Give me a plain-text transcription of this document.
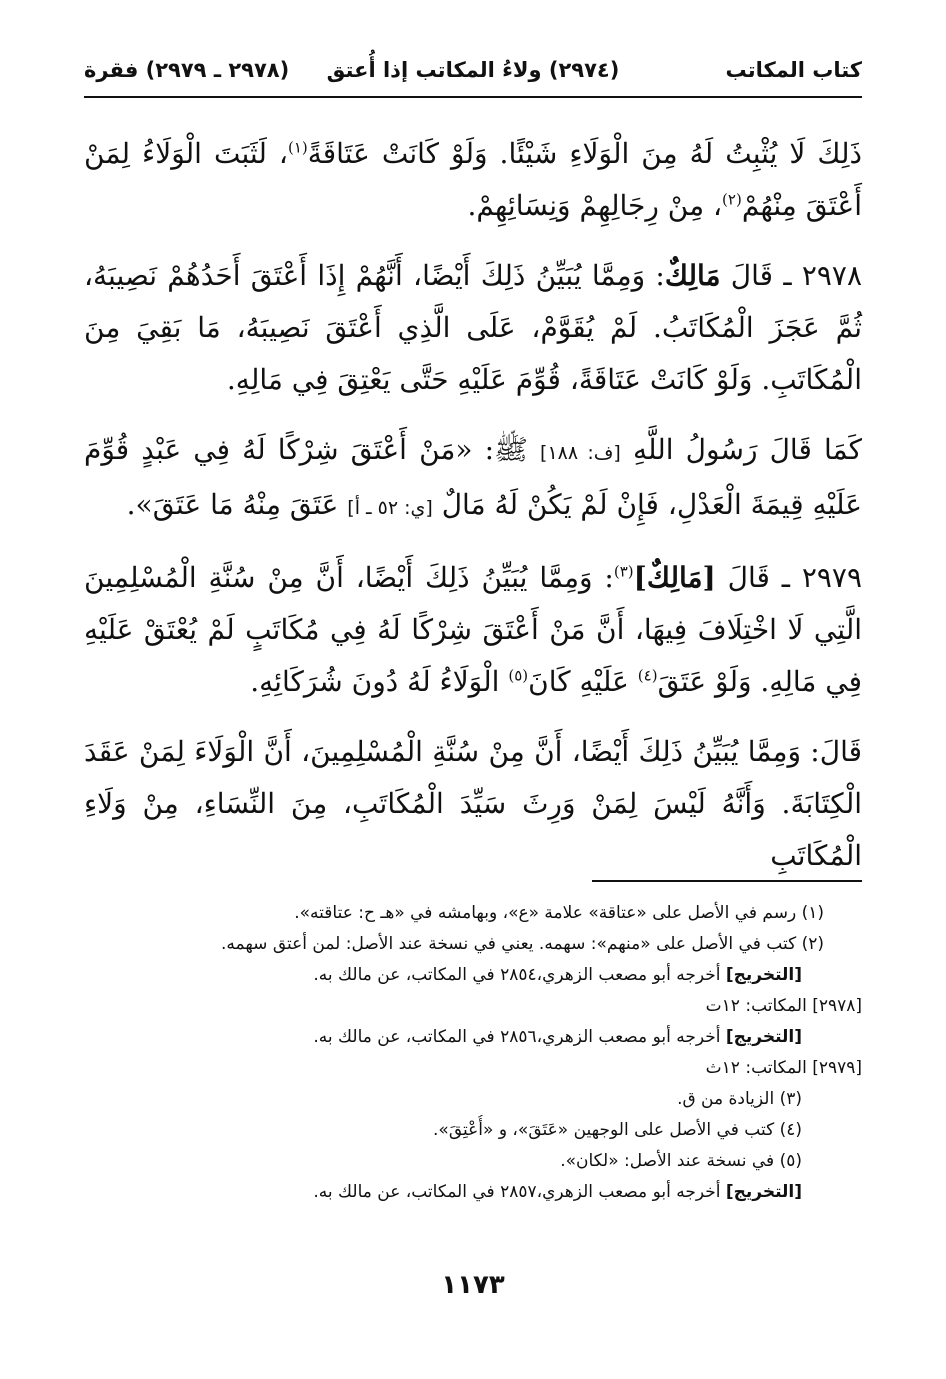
كتاب المكاتب
(٢٩٧٤) ولاءُ المكاتب إذا أُعتق
(٢٩٧٨ ـ ٢٩٧٩) فقرة

ذَلِكَ لَا يُثْبِتُ لَهُ مِنَ الْوَلَاءِ شَيْئًا. وَلَوْ كَانَتْ عَتَاقَةً$^{(١)}$، لَثَبَتَ الْوَلَاءُ لِمَنْ أَعْتَقَ مِنْهُمْ$^{(٢)}$، مِنْ رِجَالِهِمْ وَنِسَائِهِمْ.

٢٩٧٨ ـ قَالَ مَالِكٌ: وَمِمَّا يُبَيِّنُ ذَلِكَ أَيْضًا، أَنَّهُمْ إِذَا أَعْتَقَ أَحَدُهُمْ نَصِيبَهُ، ثُمَّ عَجَزَ الْمُكَاتَبُ. لَمْ يُقَوَّمْ، عَلَى الَّذِي أَعْتَقَ نَصِيبَهُ، مَا بَقِيَ مِنَ الْمُكَاتَبِ. وَلَوْ كَانَتْ عَتَاقَةً، قُوِّمَ عَلَيْهِ حَتَّى يَعْتِقَ فِي مَالِهِ.

كَمَا قَالَ رَسُولُ اللَّهِ [ف: ١٨٨] ﷺ: «مَنْ أَعْتَقَ شِرْكًا لَهُ فِي عَبْدٍ قُوِّمَ عَلَيْهِ قِيمَةَ الْعَدْلِ، فَإِنْ لَمْ يَكُنْ لَهُ مَالٌ [ي: ٥٢ ـ أ] عَتَقَ مِنْهُ مَا عَتَقَ».

٢٩٧٩ ـ قَالَ [مَالِكٌ]$^{(٣)}$: وَمِمَّا يُبَيِّنُ ذَلِكَ أَيْضًا، أَنَّ مِنْ سُنَّةِ الْمُسْلِمِينَ الَّتِي لَا اخْتِلَافَ فِيهَا، أَنَّ مَنْ أَعْتَقَ شِرْكًا لَهُ فِي مُكَاتَبٍ لَمْ يُعْتَقْ عَلَيْهِ فِي مَالِهِ. وَلَوْ عَتَقَ$^{(٤)}$ عَلَيْهِ كَانَ$^{(٥)}$ الْوَلَاءُ لَهُ دُونَ شُرَكَائِهِ.

قَالَ: وَمِمَّا يُبَيِّنُ ذَلِكَ أَيْضًا، أَنَّ مِنْ سُنَّةِ الْمُسْلِمِينَ، أَنَّ الْوَلَاءَ لِمَنْ عَقَدَ الْكِتَابَةَ. وَأَنَّهُ لَيْسَ لِمَنْ وَرِثَ سَيِّدَ الْمُكَاتَبِ، مِنَ النِّسَاءِ، مِنْ وَلَاءِ الْمُكَاتَبِ

(١) رسم في الأصل على «عتاقة» علامة «ع»، وبهامشه في «هـ ح: عتاقته».

(٢) كتب في الأصل على «منهم»: سهمه. يعني في نسخة عند الأصل: لمن أعتق سهمه.

[التخريج] أخرجه أبو مصعب الزهري،٢٨٥٤ في المكاتب، عن مالك به.

[٢٩٧٨] المكاتب: ١٢ت

[التخريج] أخرجه أبو مصعب الزهري،٢٨٥٦ في المكاتب، عن مالك به.

[٢٩٧٩] المكاتب: ١٢ث

(٣) الزيادة من ق.

(٤) كتب في الأصل على الوجهين «عَتَقَ»، و «أُعْتِقَ».

(٥) في نسخة عند الأصل: «لكان».

[التخريج] أخرجه أبو مصعب الزهري،٢٨٥٧ في المكاتب، عن مالك به.

١١٧٣
